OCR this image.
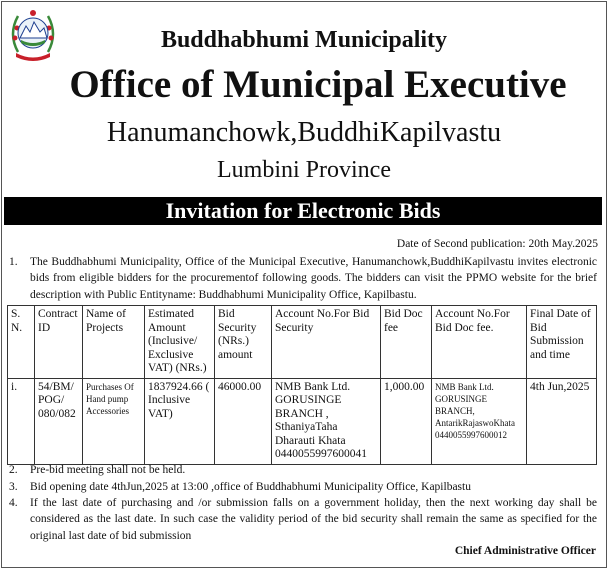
Buddhabhumi Municipality
Office of Municipal Executive
Hanumanchowk,BuddhiKapilvastu
Lumbini Province
Invitation for Electronic Bids
Date of Second publication: 20th May.2025
1. The Buddhabhumi Municipality, Office of the Municipal Executive, Hanumanchowk,BuddhiKapilvastu invites electronic bids from eligible bidders for the procurementof following goods. The bidders can visit the PPMO website for the brief description with Public Entityname: Buddhabhumi Municipality Office, Kapilbastu.
S. N.	Contract ID	Name of Projects	Estimated Amount (Inclusive/ Exclusive VAT) (NRs.)	Bid Security (NRs.) amount	Account No.For Bid Security	Bid Doc fee	Account No.For Bid Doc fee.	Final Date of Bid Submission and time
i.	54/BM/ POG/ 080/082	Purchases Of Hand pump Accessories	1837924.66 ( Inclusive VAT)	46000.00	NMB Bank Ltd. GORUSINGE BRANCH , SthaniyaTaha Dharauti Khata 0440055997600041	1,000.00	NMB Bank Ltd. GORUSINGE BRANCH, AntarikRajaswoKhata 0440055997600012	4th Jun,2025
2. Pre-bid meeting shall not be held.
3. Bid opening date 4thJun,2025 at 13:00 ,office of Buddhabhumi Municipality Office, Kapilbastu
4. If the last date of purchasing and /or submission falls on a government holiday, then the next working day shall be considered as the last date. In such case the validity period of the bid security shall remain the same as specified for the original last date of bid submission
Chief Administrative Officer
